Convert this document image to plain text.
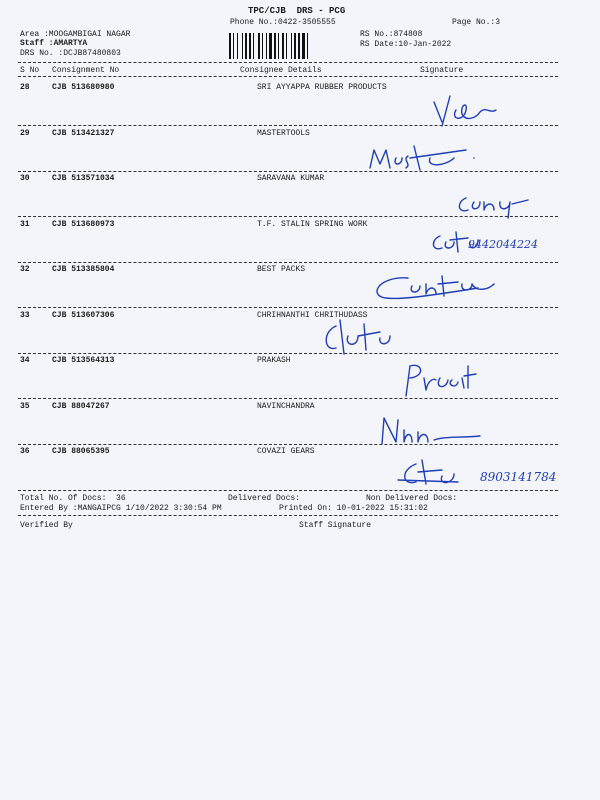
TPC/CJB  DRS - PCG
Phone No.:0422-3505555	Page No.:3
Area :MOOGAMBIGAI NAGAR
Staff :AMARTYA
DRS No. :DCJB87480803
RS No.:874808
RS Date:10-Jan-2022
S No Consignment No	Consignee Details	Signature
28	CJB 513680980	SRI AYYAPPA RUBBER PRODUCTS
29	CJB 513421327	MASTERTOOLS
30	CJB 513571034	SARAVANA KUMAR
31	CJB 513680973	T.F. STALIN SPRING WORK
32	CJB 513385804	BEST PACKS
33	CJB 513607306	CHRIHNANTHI CHRITHUDASS
34	CJB 513564313	PRAKASH
35	CJB 88047267	NAVINCHANDRA
36	CJB 88065395	COVAZI GEARS
9442044224
8903141784
Total No. Of Docs:  36	Delivered Docs:	Non Delivered Docs:
Entered By :MANGAIPCG 1/10/2022 3:30:54 PM	Printed On: 10-01-2022 15:31:02
Verified By	Staff Signature
